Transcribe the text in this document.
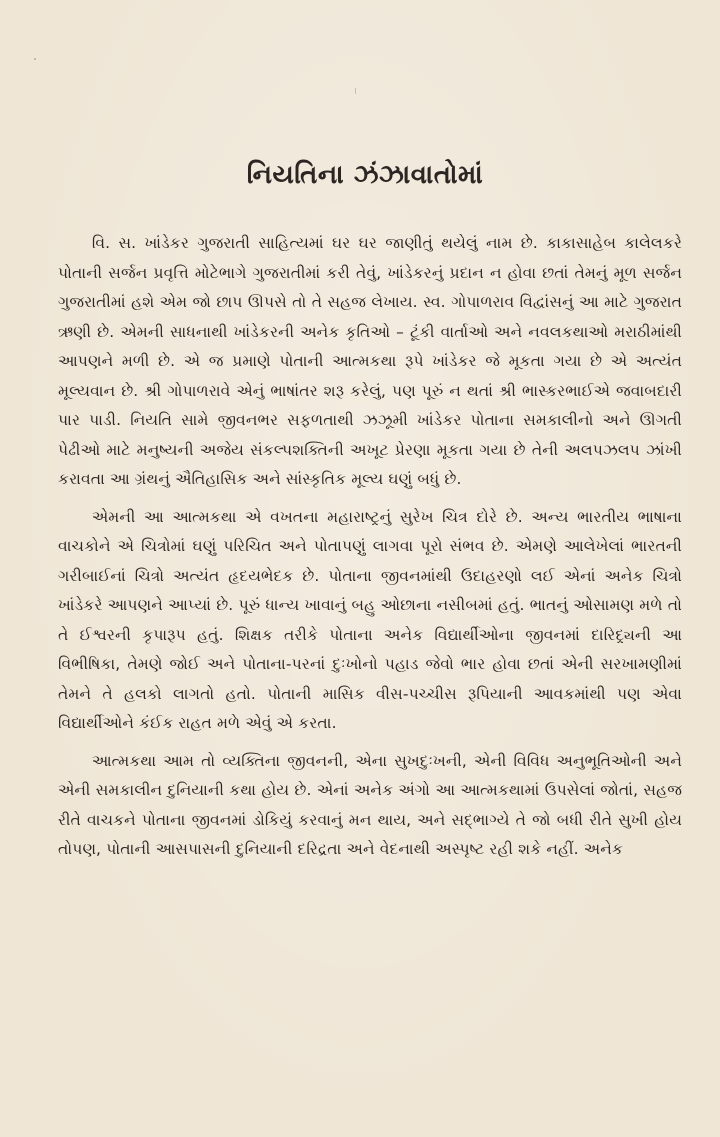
નિયતિના ઝંઝાવાતોમાં

વિ. સ. ખાંડેકર ગુજરાતી સાહિત્યમાં ઘર ઘર જાણીતું થયેલું નામ છે. કાકાસાહેબ કાલેલકરે પોતાની સર્જન પ્રવૃત્તિ મોટેભાગે ગુજરાતીમાં કરી તેવું, ખાંડેકરનું પ્રદાન ન હોવા છતાં તેમનું મૂળ સર્જન ગુજરાતીમાં હશે એમ જો છાપ ઊપસે તો તે સહજ લેખાય. સ્વ. ગોપાળરાવ વિદ્વાંસનું આ માટે ગુજરાત ઋણી છે. એમની સાધનાથી ખાંડેકરની અનેક કૃતિઓ – ટૂંકી વાર્તાઓ અને નવલકથાઓ મરાઠીમાંથી આપણને મળી છે. એ જ પ્રમાણે પોતાની આત્મકથા રૂપે ખાંડેકર જે મૂકતા ગયા છે એ અત્યંત મૂલ્યવાન છે. શ્રી ગોપાળરાવે એનું ભાષાંતર શરૂ કરેલું, પણ પૂરું ન થતાં શ્રી ભાસ્કરભાઈએ જવાબદારી પાર પાડી. નિયતિ સામે જીવનભર સફળતાથી ઝઝૂમી ખાંડેકર પોતાના સમકાલીનો અને ઊગતી પેઢીઓ માટે મનુષ્યની અજેય સંકલ્પશક્તિની અખૂટ પ્રેરણા મૂકતા ગયા છે તેની અલપઝલપ ઝાંખી કરાવતા આ ગ્રંથનું ઐતિહાસિક અને સાંસ્કૃતિક મૂલ્ય ઘણું બધું છે.

એમની આ આત્મકથા એ વખતના મહારાષ્ટ્રનું સુરેખ ચિત્ર દોરે છે. અન્ય ભારતીય ભાષાના વાચકોને એ ચિત્રોમાં ઘણું પરિચિત અને પોતાપણું લાગવા પૂરો સંભવ છે. એમણે આલેખેલાં ભારતની ગરીબાઈનાં ચિત્રો અત્યંત હૃદયભેદક છે. પોતાના જીવનમાંથી ઉદાહરણો લઈ એનાં અનેક ચિત્રો ખાંડેકરે આપણને આપ્યાં છે. પૂરું ધાન્ય ખાવાનું બહુ ઓછાના નસીબમાં હતું. ભાતનું ઓસામણ મળે તો તે ઈશ્વરની કૃપારૂપ હતું. શિક્ષક તરીકે પોતાના અનેક વિદ્યાર્થીઓના જીવનમાં દારિદ્ર્યની આ વિભીષિકા, તેમણે જોઈ અને પોતાના-પરનાં દુઃખોનો પહાડ જેવો ભાર હોવા છતાં એની સરખામણીમાં તેમને તે હલકો લાગતો હતો. પોતાની માસિક વીસ-પચ્ચીસ રૂપિયાની આવકમાંથી પણ એવા વિદ્યાર્થીઓને કંઈક રાહત મળે એવું એ કરતા.

આત્મકથા આમ તો વ્યક્તિના જીવનની, એના સુખદુઃખની, એની વિવિધ અનુભૂતિઓની અને એની સમકાલીન દુનિયાની કથા હોય છે. એનાં અનેક અંગો આ આત્મકથામાં ઉપસેલાં જોતાં, સહજ રીતે વાચકને પોતાના જીવનમાં ડોકિયું કરવાનું મન થાય, અને સદ્ભાગ્યે તે જો બધી રીતે સુખી હોય તોપણ, પોતાની આસપાસની દુનિયાની દરિદ્રતા અને વેદનાથી અસ્પૃષ્ટ રહી શકે નહીં. અનેક
